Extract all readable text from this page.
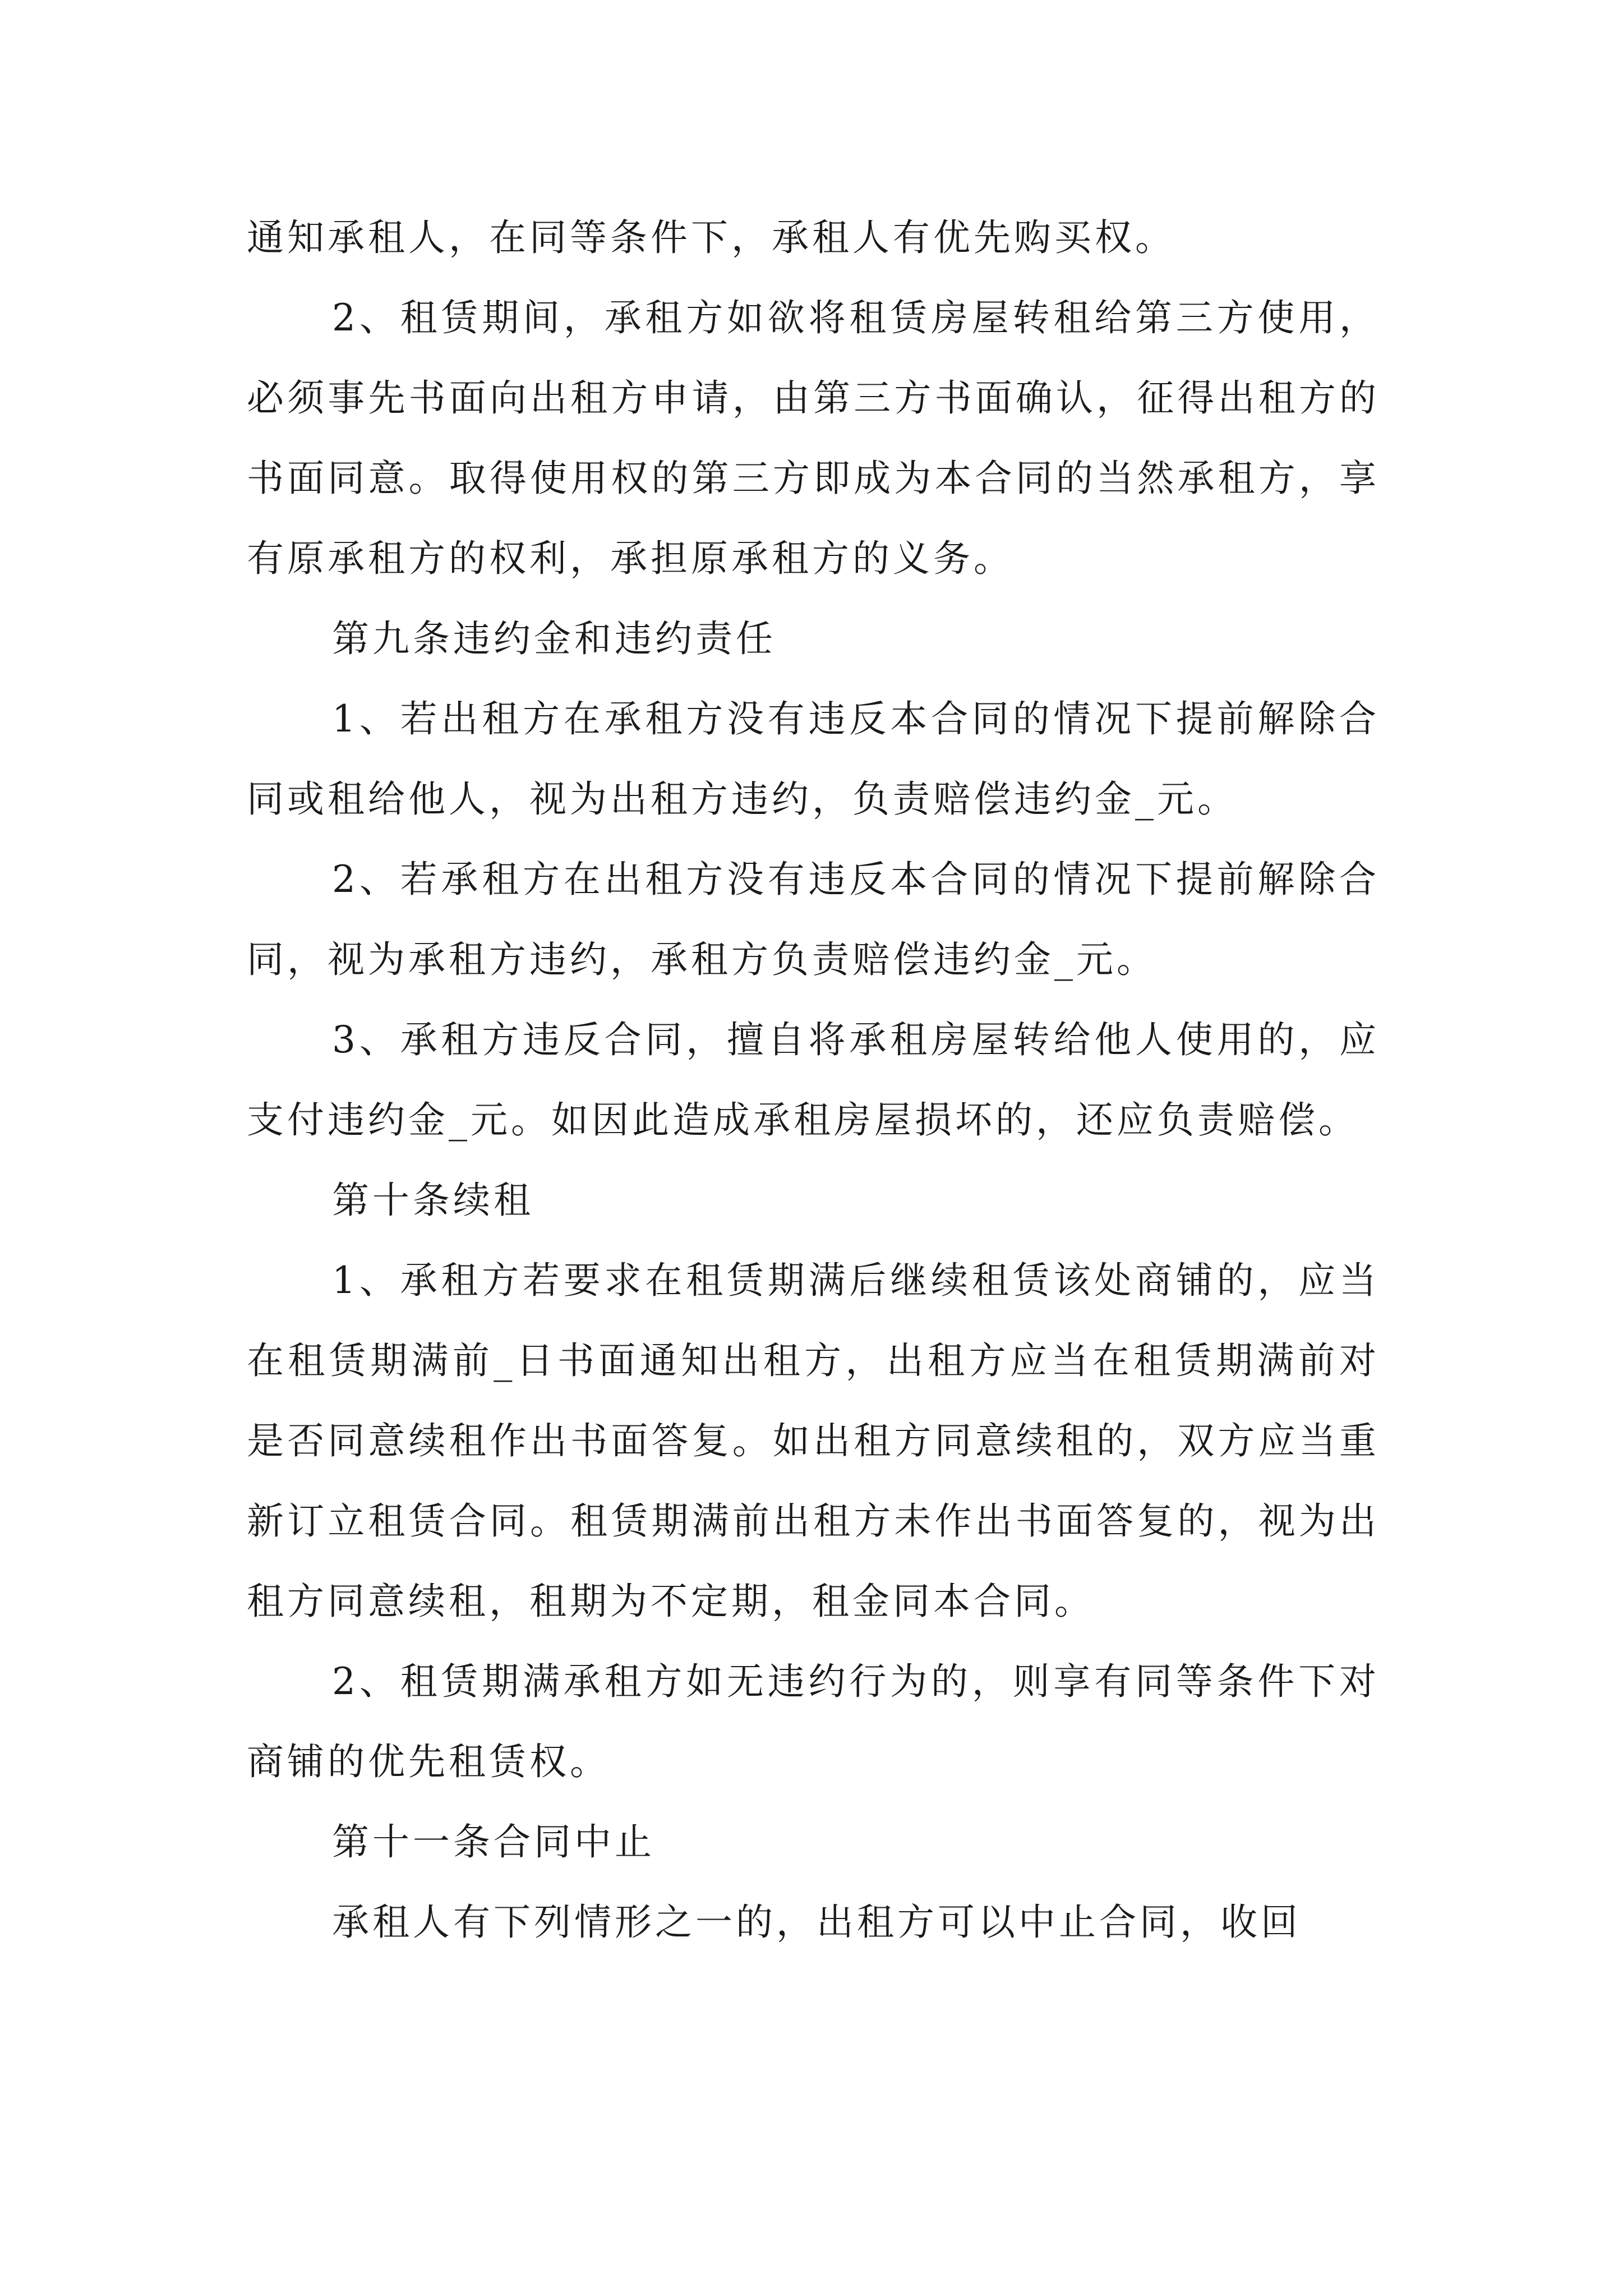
通知承租人，在同等条件下，承租人有优先购买权。

2、租赁期间，承租方如欲将租赁房屋转租给第三方使用，必须事先书面向出租方申请，由第三方书面确认，征得出租方的书面同意。取得使用权的第三方即成为本合同的当然承租方，享有原承租方的权利，承担原承租方的义务。

第九条违约金和违约责任

1、若出租方在承租方没有违反本合同的情况下提前解除合同或租给他人，视为出租方违约，负责赔偿违约金_元。

2、若承租方在出租方没有违反本合同的情况下提前解除合同，视为承租方违约，承租方负责赔偿违约金_元。

3、承租方违反合同，擅自将承租房屋转给他人使用的，应支付违约金_元。如因此造成承租房屋损坏的，还应负责赔偿。

第十条续租

1、承租方若要求在租赁期满后继续租赁该处商铺的，应当在租赁期满前_日书面通知出租方，出租方应当在租赁期满前对是否同意续租作出书面答复。如出租方同意续租的，双方应当重新订立租赁合同。租赁期满前出租方未作出书面答复的，视为出租方同意续租，租期为不定期，租金同本合同。

2、租赁期满承租方如无违约行为的，则享有同等条件下对商铺的优先租赁权。

第十一条合同中止

承租人有下列情形之一的，出租方可以中止合同，收回
